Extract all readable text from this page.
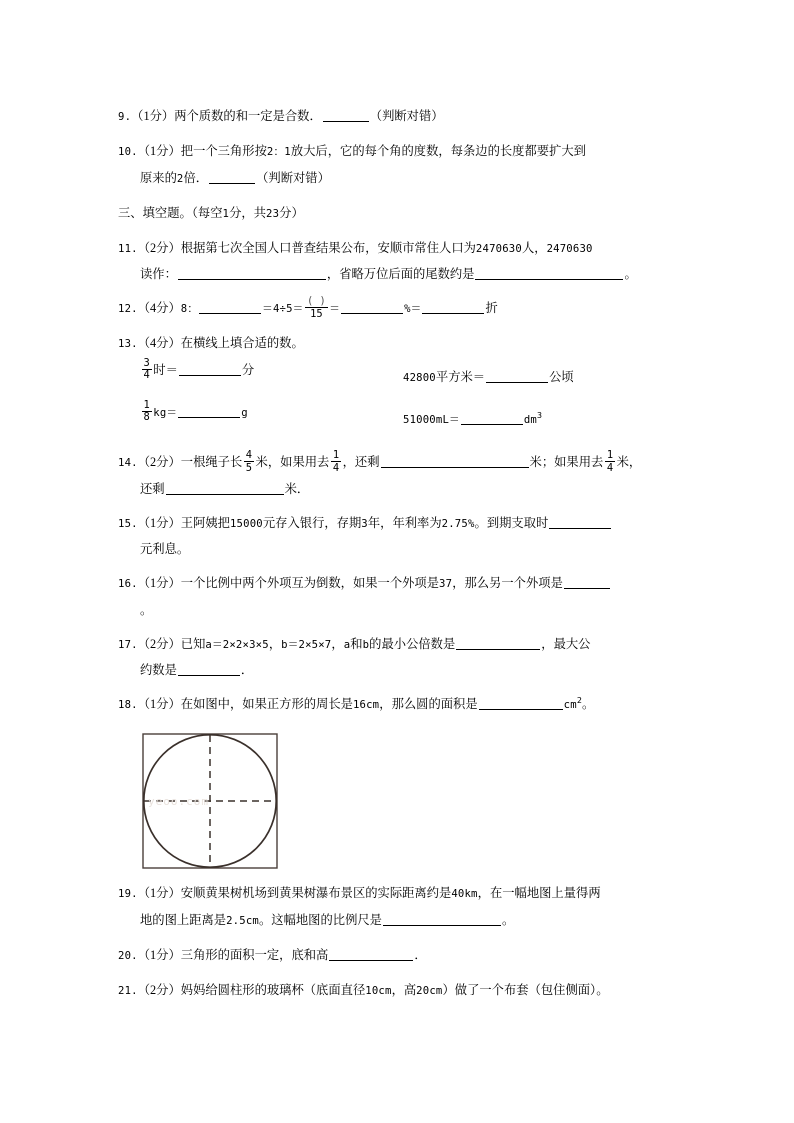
9.（1分）两个质数的和一定是合数．	（判断对错）
10.（1分）把一个三角形按2：1放大后，它的每个角的度数，每条边的长度都要扩大到
原来的2倍．	（判断对错）
三、填空题。（每空1分，共23分）
11.（2分）根据第七次全国人口普查结果公布，安顺市常住人口为2470630人，2470630
读作：	，省略万位后面的尾数约是	。
12.（4分）8：	$=4\div 5= \frac{( )}{15}$ ＝	%＝	折
13.（4分）在横线上填合适的数。
$\frac{3}{4}$ 时＝	分
42800平方米＝	公顷
$\frac{1}{8} kg=$	g
51000mL＝	$dm^3$
14.（2分）一根绳子长 $\frac{4}{5}$ 米，如果用去 $\frac{1}{4}$ ，还剩	米；如果用去 $\frac{1}{4}$ 米，
还剩	米．
15.（1分）王阿姨把15000元存入银行，存期3年，年利率为2.75%。到期支取时
元利息。
16.（1分）一个比例中两个外项互为倒数，如果一个外项是37，那么另一个外项是
。
17.（2分）已知a＝2×2×3×5，b＝2×5×7，a和b的最小公倍数是	，最大公
约数是	．
18.（1分）在如图中，如果正方形的周长是16cm，那么圆的面积是	$cm^2$。
yeoo.com
19.（1分）安顺黄果树机场到黄果树瀑布景区的实际距离约是40km，在一幅地图上量得两
地的图上距离是2.5cm。这幅地图的比例尺是	。
20.（1分）三角形的面积一定，底和高	．
21.（2分）妈妈给圆柱形的玻璃杯（底面直径10cm，高20cm）做了一个布套（包住侧面）。
